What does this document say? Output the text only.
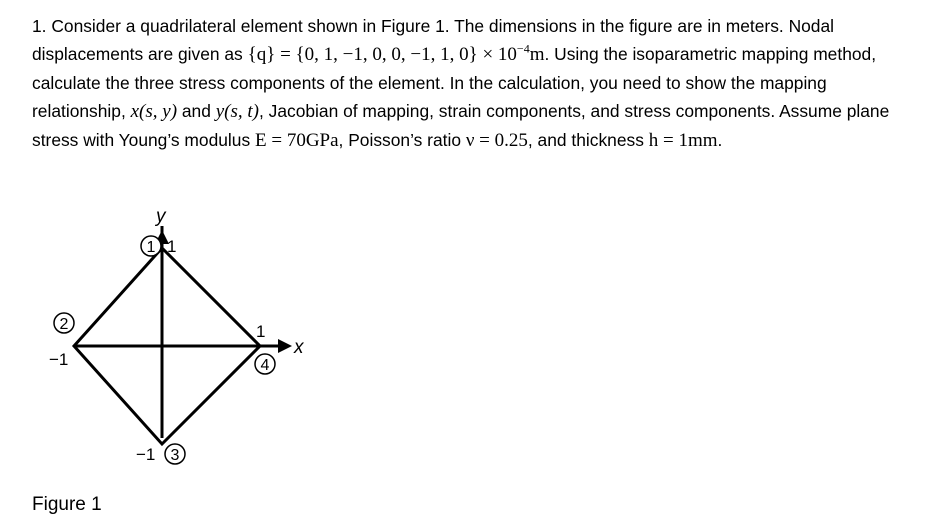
1. Consider a quadrilateral element shown in Figure 1. The dimensions in the figure are in meters. Nodal displacements are given as {q} = {0, 1, −1, 0, 0, −1, 1, $0\} \times 10^{-4}m$. Using the isoparametric mapping method, calculate the three stress components of the element. In the calculation, you need to show the mapping relationship, x(s, y) and y(s, t), Jacobian of mapping, strain components, and stress components. Assume plane stress with Young’s modulus E = 70GPa, Poisson’s ratio ν = 0.25, and thickness h = 1mm.

y
x
1 1
2
−1
3
−1
4
1

Figure 1
